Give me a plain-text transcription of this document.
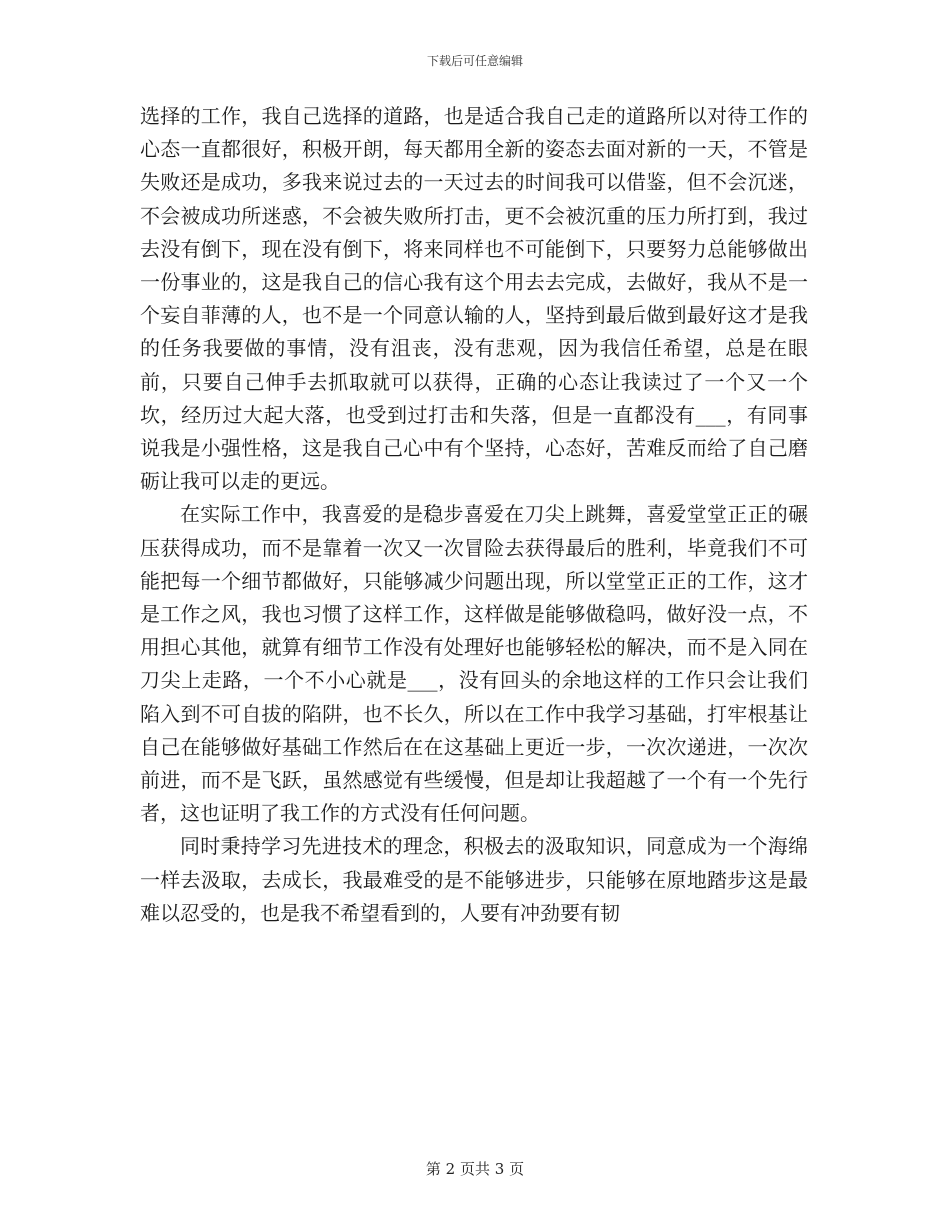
下载后可任意编辑

选择的工作，我自己选择的道路，也是适合我自己走的道路所以对待工作的心态一直都很好，积极开朗，每天都用全新的姿态去面对新的一天，不管是失败还是成功，多我来说过去的一天过去的时间我可以借鉴，但不会沉迷，不会被成功所迷惑，不会被失败所打击，更不会被沉重的压力所打到，我过去没有倒下，现在没有倒下，将来同样也不可能倒下，只要努力总能够做出一份事业的，这是我自己的信心我有这个用去去完成，去做好，我从不是一个妄自菲薄的人，也不是一个同意认输的人，坚持到最后做到最好这才是我的任务我要做的事情，没有沮丧，没有悲观，因为我信任希望，总是在眼前，只要自己伸手去抓取就可以获得，正确的心态让我读过了一个又一个坎，经历过大起大落，也受到过打击和失落，但是一直都没有___，有同事说我是小强性格，这是我自己心中有个坚持，心态好，苦难反而给了自己磨砺让我可以走的更远。

在实际工作中，我喜爱的是稳步喜爱在刀尖上跳舞，喜爱堂堂正正的碾压获得成功，而不是靠着一次又一次冒险去获得最后的胜利，毕竟我们不可能把每一个细节都做好，只能够减少问题出现，所以堂堂正正的工作，这才是工作之风，我也习惯了这样工作，这样做是能够做稳吗，做好没一点，不用担心其他，就算有细节工作没有处理好也能够轻松的解决，而不是入同在刀尖上走路，一个不小心就是___，没有回头的余地这样的工作只会让我们陷入到不可自拔的陷阱，也不长久，所以在工作中我学习基础，打牢根基让自己在能够做好基础工作然后在在这基础上更近一步，一次次递进，一次次前进，而不是飞跃，虽然感觉有些缓慢，但是却让我超越了一个有一个先行者，这也证明了我工作的方式没有任何问题。

同时秉持学习先进技术的理念，积极去的汲取知识，同意成为一个海绵一样去汲取，去成长，我最难受的是不能够进步，只能够在原地踏步这是最难以忍受的，也是我不希望看到的，人要有冲劲要有韧

第 2 页共 3 页
